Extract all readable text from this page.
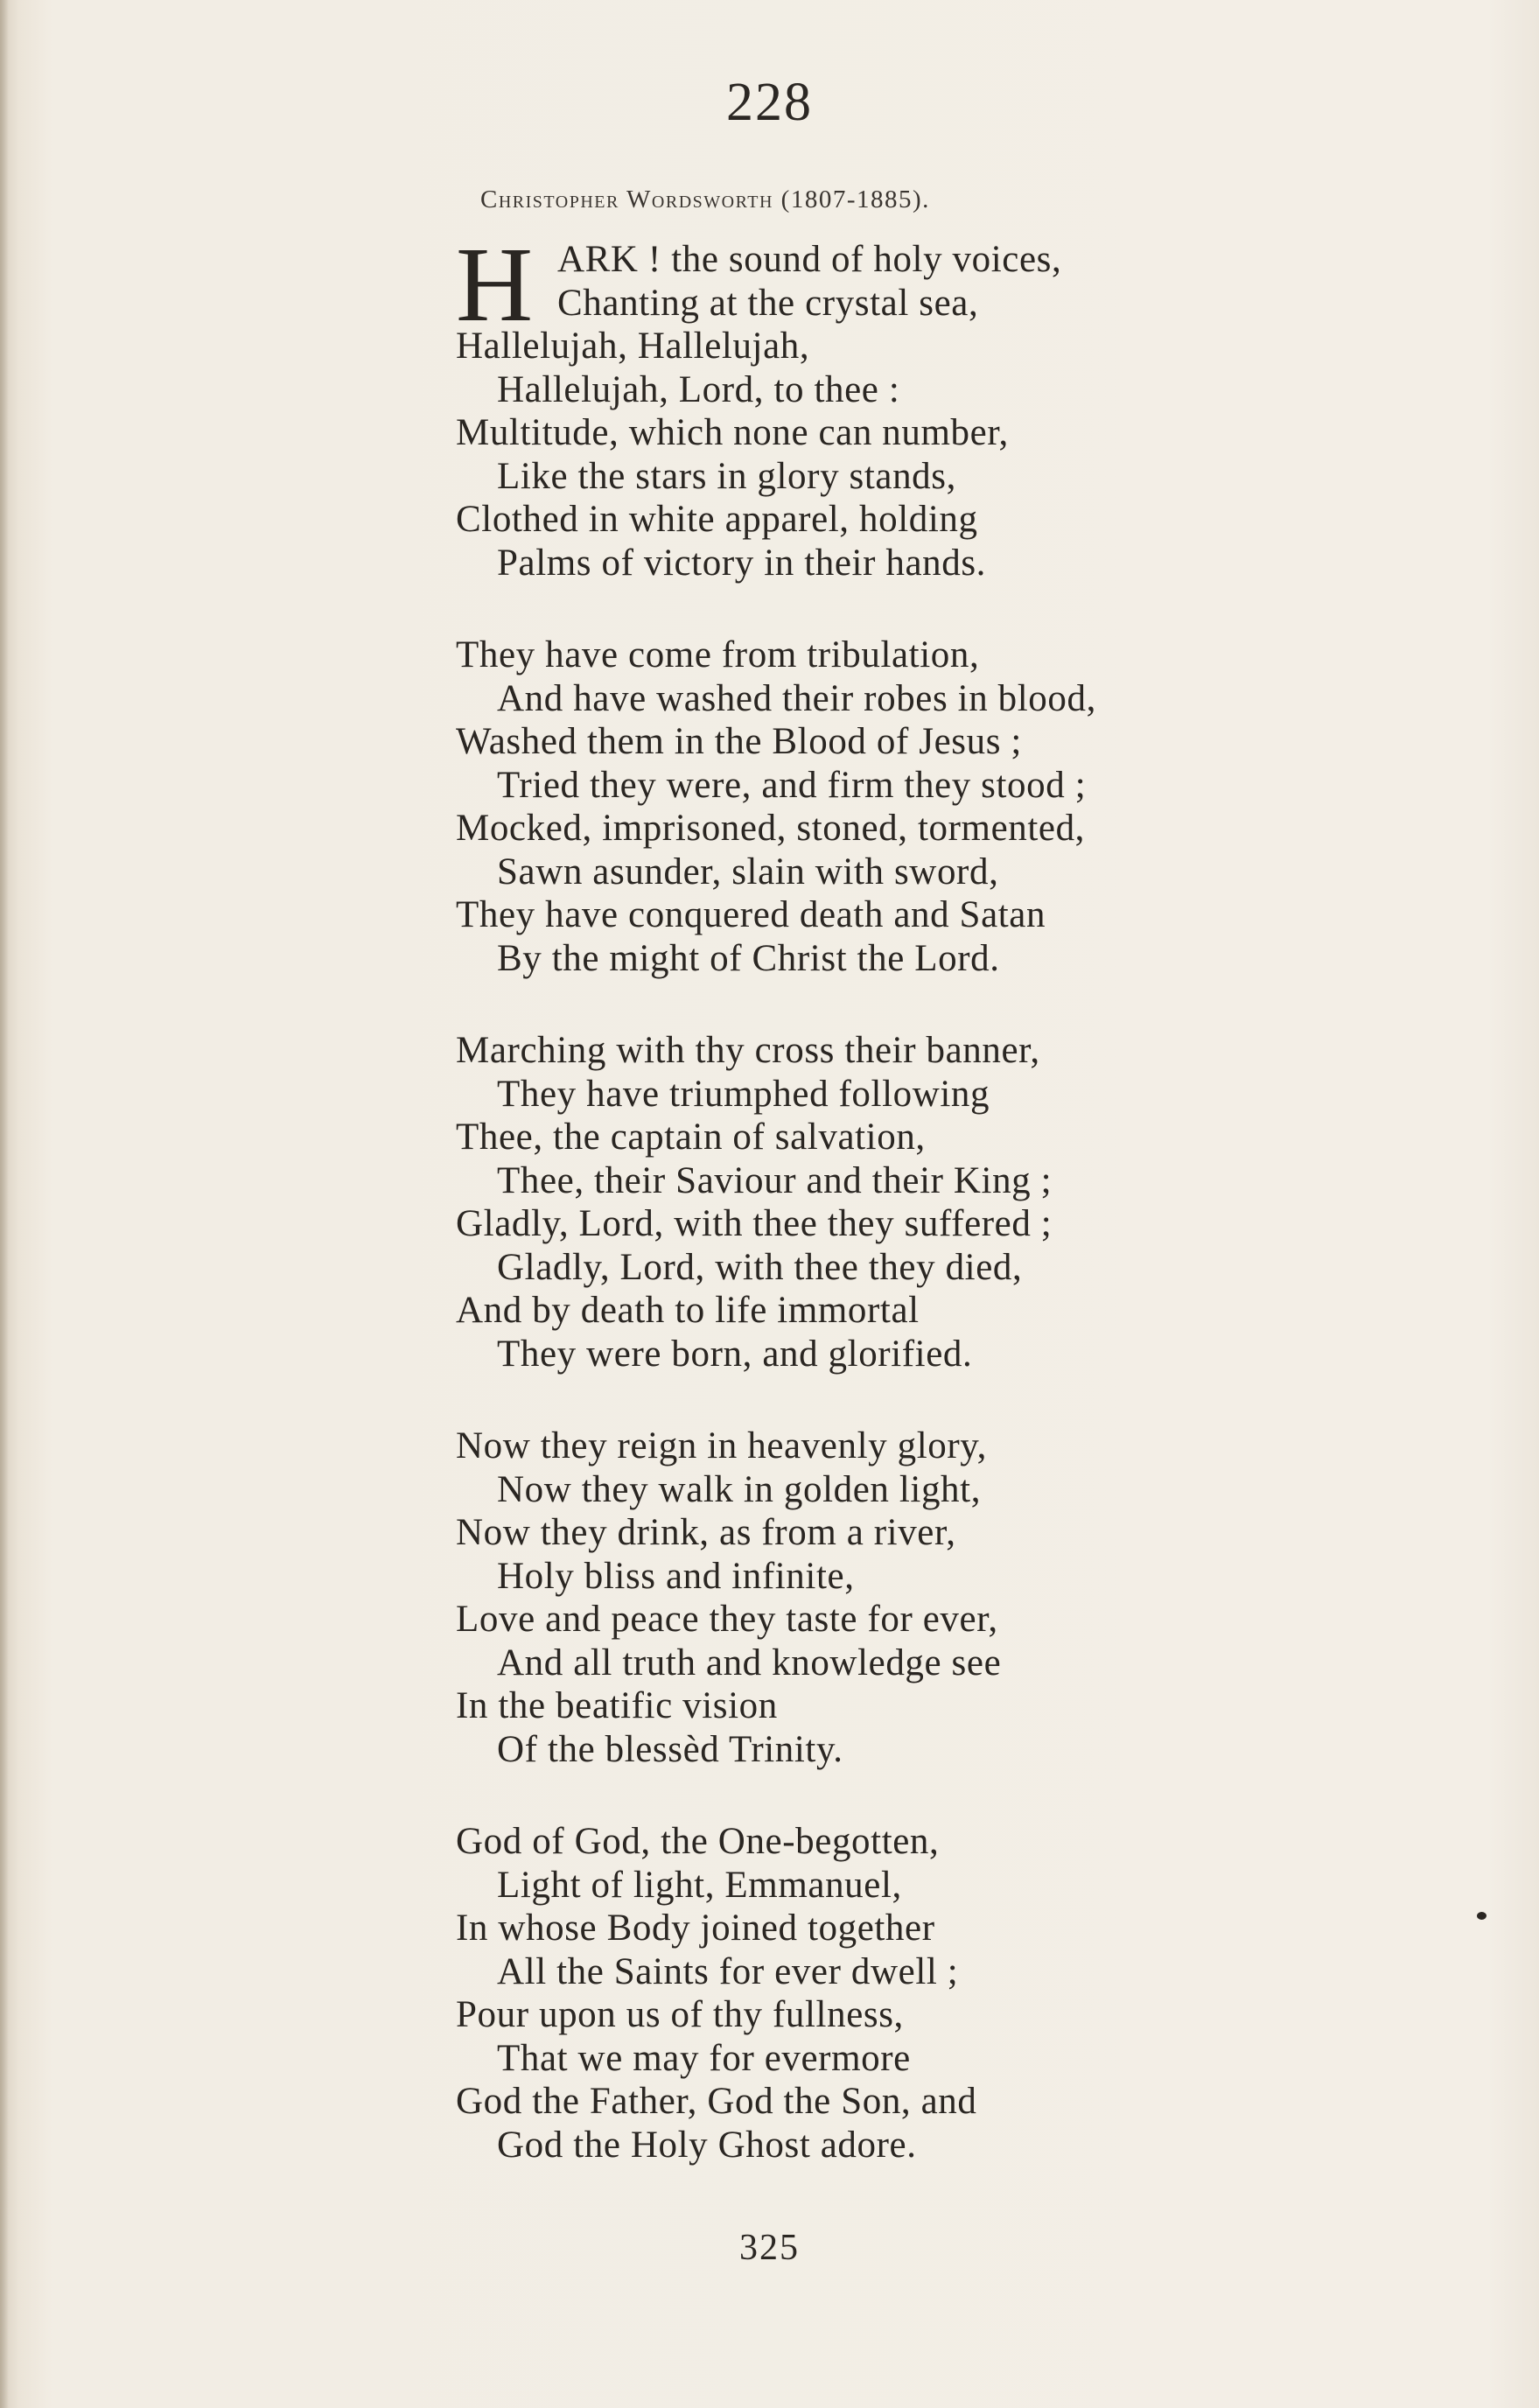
228
Christopher Wordsworth (1807-1885).
H ARK ! the sound of holy voices,
Chanting at the crystal sea,
Hallelujah, Hallelujah,
Hallelujah, Lord, to thee :
Multitude, which none can number,
Like the stars in glory stands,
Clothed in white apparel, holding
Palms of victory in their hands.
They have come from tribulation,
And have washed their robes in blood,
Washed them in the Blood of Jesus ;
Tried they were, and firm they stood ;
Mocked, imprisoned, stoned, tormented,
Sawn asunder, slain with sword,
They have conquered death and Satan
By the might of Christ the Lord.
Marching with thy cross their banner,
They have triumphed following
Thee, the captain of salvation,
Thee, their Saviour and their King ;
Gladly, Lord, with thee they suffered ;
Gladly, Lord, with thee they died,
And by death to life immortal
They were born, and glorified.
Now they reign in heavenly glory,
Now they walk in golden light,
Now they drink, as from a river,
Holy bliss and infinite,
Love and peace they taste for ever,
And all truth and knowledge see
In the beatific vision
Of the blessèd Trinity.
God of God, the One-begotten,
Light of light, Emmanuel,
In whose Body joined together
All the Saints for ever dwell ;
Pour upon us of thy fullness,
That we may for evermore
God the Father, God the Son, and
God the Holy Ghost adore.
325
